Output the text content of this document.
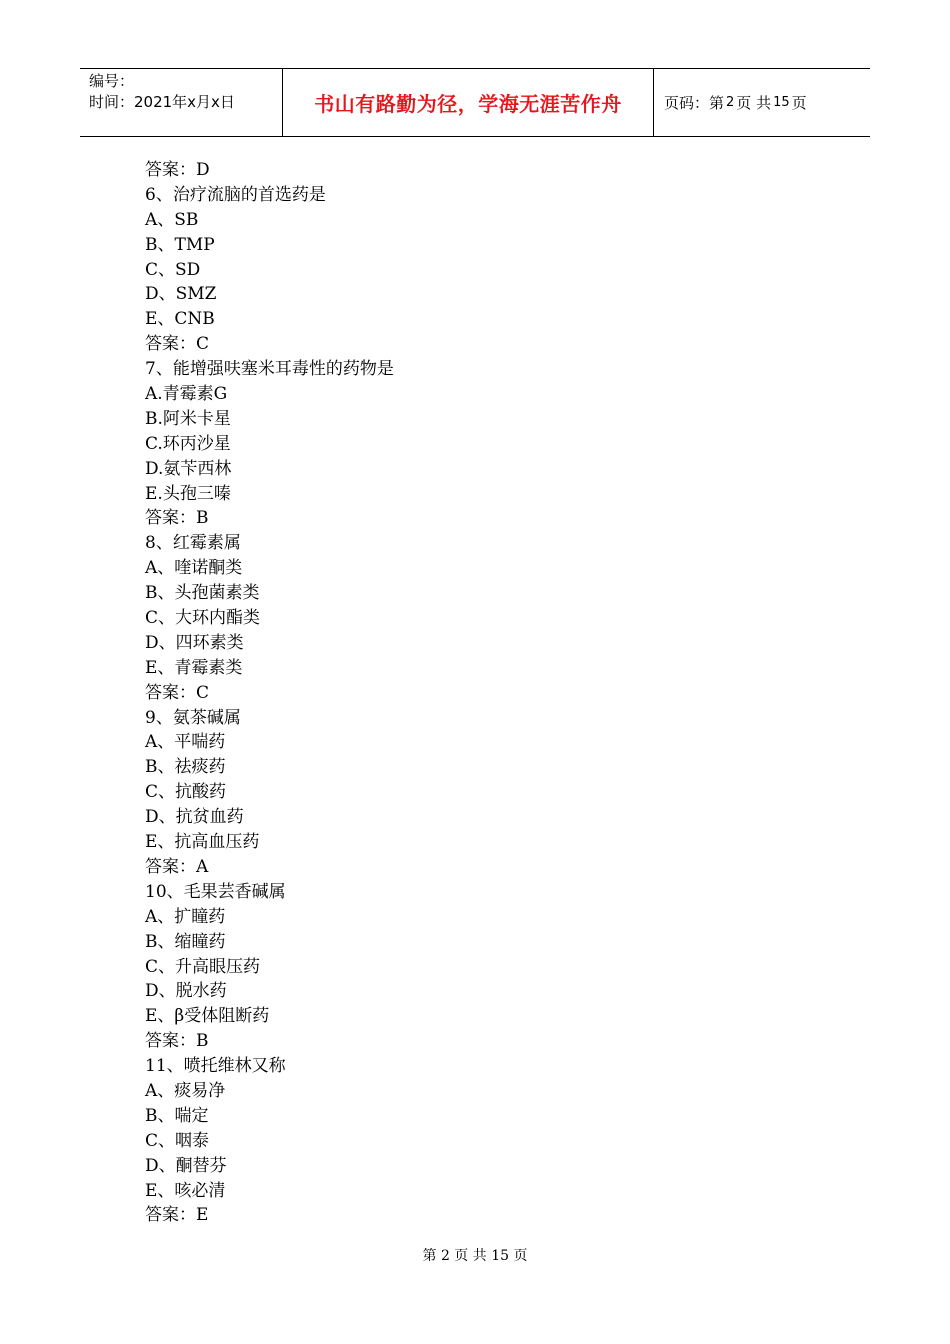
编号：
时间：2021年x月x日	书山有路勤为径，学海无涯苦作舟	页码：第 2 页 共 15 页
答案：D
6、治疗流脑的首选药是
A、SB
B、TMP
C、SD
D、SMZ
E、CNB
答案：C
7、能增强呋塞米耳毒性的药物是
A.青霉素G
B.阿米卡星
C.环丙沙星
D.氨苄西林
E.头孢三嗪
答案：B
8、红霉素属
A、喹诺酮类
B、头孢菌素类
C、大环内酯类
D、四环素类
E、青霉素类
答案：C
9、氨茶碱属
A、平喘药
B、祛痰药
C、抗酸药
D、抗贫血药
E、抗高血压药
答案：A
10、毛果芸香碱属
A、扩瞳药
B、缩瞳药
C、升高眼压药
D、脱水药
E、β受体阻断药
答案：B
11、喷托维林又称
A、痰易净
B、喘定
C、咽泰
D、酮替芬
E、咳必清
答案：E
第 2 页 共 15 页
